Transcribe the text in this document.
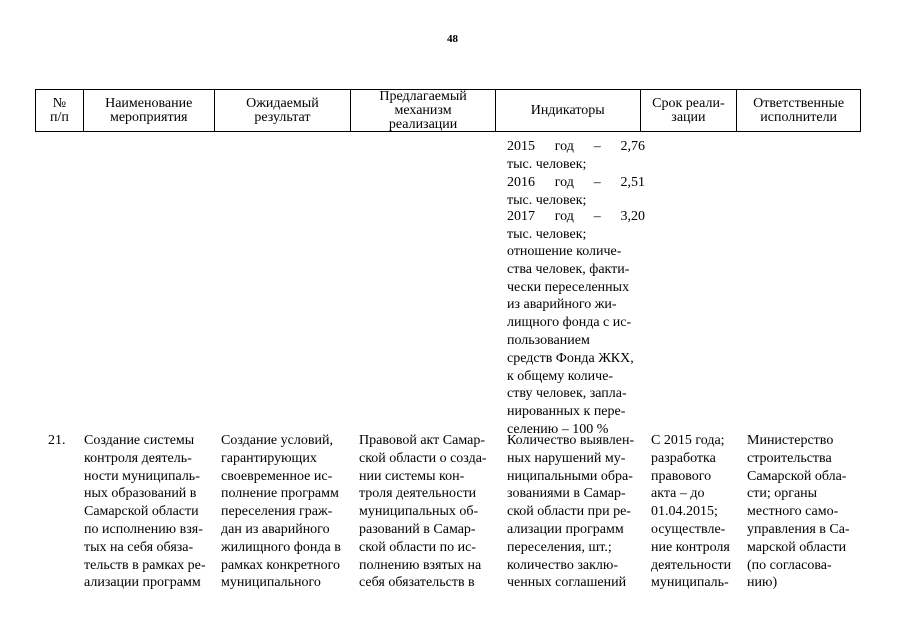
48
№
п/п
Наименование
мероприятия
Ожидаемый
результат
Предлагаемый
механизм
реализации
Индикаторы	Срок реали-
зации
Ответственные
исполнители
2015 год – 2,76
тыс. человек;
2016 год – 2,51
тыс. человек;
2017 год – 3,20
тыс. человек;
отношение количе-
ства человек, факти-
чески переселенных
из аварийного жи-
лищного фонда с ис-
пользованием
средств Фонда ЖКХ,
к общему количе-
ству человек, запла-
нированных к пере-
селению – 100 %
21.	Создание системы
контроля деятель-
ности муниципаль-
ных образований в
Самарской области
по исполнению взя-
тых на себя обяза-
тельств в рамках ре-
ализации программ
Создание условий,
гарантирующих
своевременное ис-
полнение программ
переселения граж-
дан из аварийного
жилищного фонда в
рамках конкретного
муниципального
Правовой акт Самар-
ской области о созда-
нии системы кон-
троля деятельности
муниципальных об-
разований в Самар-
ской области по ис-
полнению взятых на
себя обязательств в
Количество выявлен-
ных нарушений му-
ниципальными обра-
зованиями в Самар-
ской области при ре-
ализации программ
переселения, шт.;
количество заклю-
ченных соглашений
С 2015 года;
разработка
правового
акта – до
01.04.2015;
осуществле-
ние контроля
деятельности
муниципаль-
Министерство
строительства
Самарской обла-
сти; органы
местного само-
управления в Са-
марской области
(по согласова-
нию)
